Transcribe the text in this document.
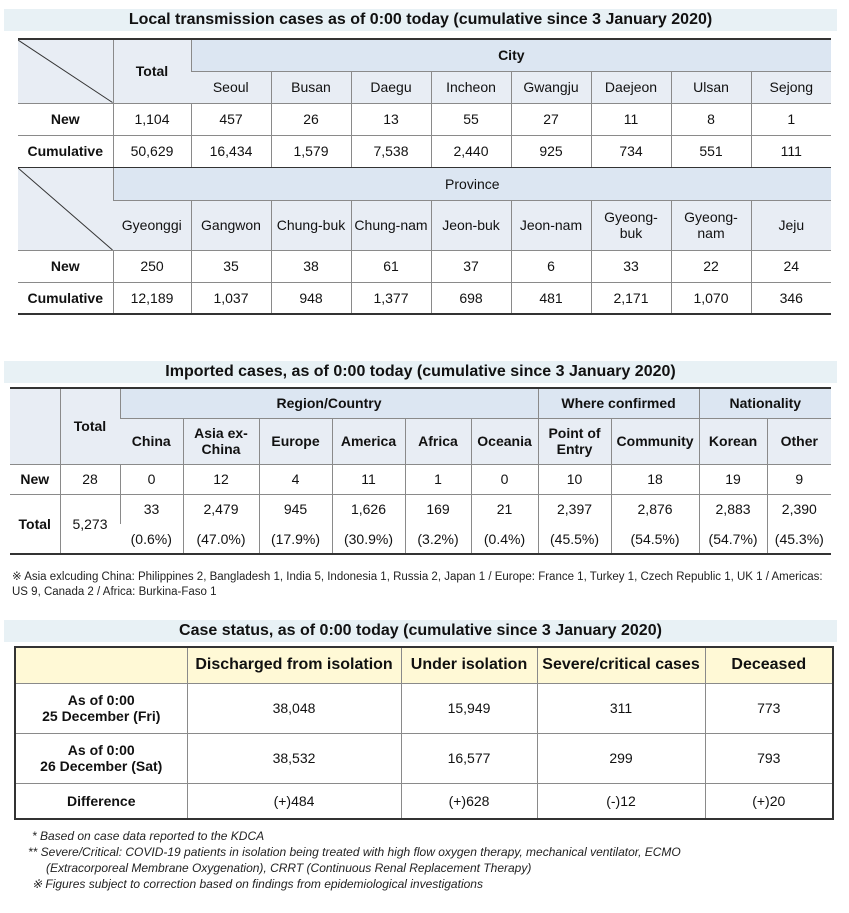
Local transmission cases as of 0:00 today (cumulative since 3 January 2020)
	Total	City							
		Seoul	Busan	Daegu	Incheon	Gwangju	Daejeon	Ulsan	Sejong
New	1,104	457	26	13	55	27	11	8	1
Cumulative	50,629	16,434	1,579	7,538	2,440	925	734	551	111

	Province								
	Gyeonggi	Gangwon	Chung-buk	Chung-nam	Jeon-buk	Jeon-nam	Gyeong-buk	Gyeong-nam	Jeju
New	250	35	38	61	37	6	33	22	24
Cumulative	12,189	1,037	948	1,377	698	481	2,171	1,070	346
Imported cases, as of 0:00 today (cumulative since 3 January 2020)
	Total	Region/Country						Where confirmed		Nationality	
		China	Asia ex-China	Europe	America	Africa	Oceania	Point of Entry	Community	Korean	Other
New	28	0	12	4	11	1	0	10	18	19	9
Total	5,273	33	2,479	945	1,626	169	21	2,397	2,876	2,883	2,390
		(0.6%)	(47.0%)	(17.9%)	(30.9%)	(3.2%)	(0.4%)	(45.5%)	(54.5%)	(54.7%)	(45.3%)
※ Asia exlcuding China: Philippines 2, Bangladesh 1, India 5, Indonesia 1, Russia 2, Japan 1 / Europe: France 1, Turkey 1, Czech Republic 1, UK 1 / Americas: US 9, Canada 2 / Africa: Burkina-Faso 1
Case status, as of 0:00 today (cumulative since 3 January 2020)
	Discharged from isolation	Under isolation	Severe/critical cases	Deceased

As of 0:00
25 December (Fri)	38,048	15,949	311	773

As of 0:00
26 December (Sat)	38,532	16,577	299	793
Difference	(+)484	(+)628	(-)12	(+)20
* Based on case data reported to the KDCA
** Severe/Critical: COVID-19 patients in isolation being treated with high flow oxygen therapy, mechanical ventilator, ECMO
(Extracorporeal Membrane Oxygenation), CRRT (Continuous Renal Replacement Therapy)
※ Figures subject to correction based on findings from epidemiological investigations
